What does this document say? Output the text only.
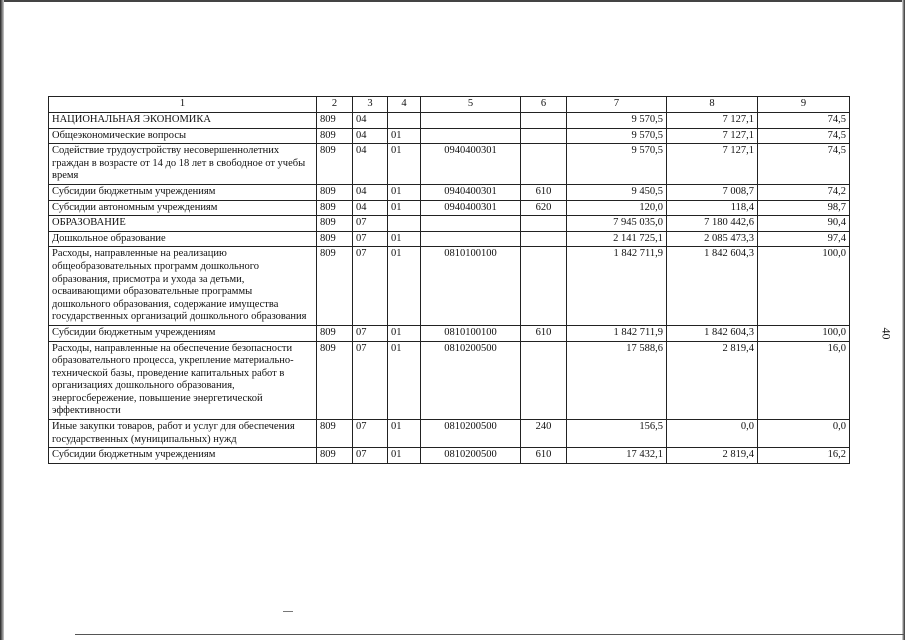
1	2	3	4	5	6	7	8	9
НАЦИОНАЛЬНАЯ ЭКОНОМИКА	809	04				9 570,5	7 127,1	74,5
Общеэкономические вопросы	809	04	01			9 570,5	7 127,1	74,5
Содействие трудоустройству несовершеннолетних граждан в возрасте от 14 до 18 лет в свободное от учебы время	809	04	01	0940400301		9 570,5	7 127,1	74,5
Субсидии бюджетным учреждениям	809	04	01	0940400301	610	9 450,5	7 008,7	74,2
Субсидии автономным учреждениям	809	04	01	0940400301	620	120,0	118,4	98,7
ОБРАЗОВАНИЕ	809	07				7 945 035,0	7 180 442,6	90,4
Дошкольное образование	809	07	01			2 141 725,1	2 085 473,3	97,4
Расходы, направленные на реализацию общеобразовательных программ дошкольного образования, присмотра и ухода за детьми, осваивающими образовательные программы дошкольного образования, содержание имущества государственных организаций дошкольного образования	809	07	01	0810100100		1 842 711,9	1 842 604,3	100,0
Субсидии бюджетным учреждениям	809	07	01	0810100100	610	1 842 711,9	1 842 604,3	100,0
Расходы, направленные на обеспечение безопасности образовательного процесса, укрепление материально-технической базы, проведение капитальных работ в организациях дошкольного образования, энергосбережение, повышение энергетической эффективности	809	07	01	0810200500		17 588,6	2 819,4	16,0
Иные закупки товаров, работ и услуг для обеспечения государственных (муниципальных) нужд	809	07	01	0810200500	240	156,5	0,0	0,0
Субсидии бюджетным учреждениям	809	07	01	0810200500	610	17 432,1	2 819,4	16,2
40
